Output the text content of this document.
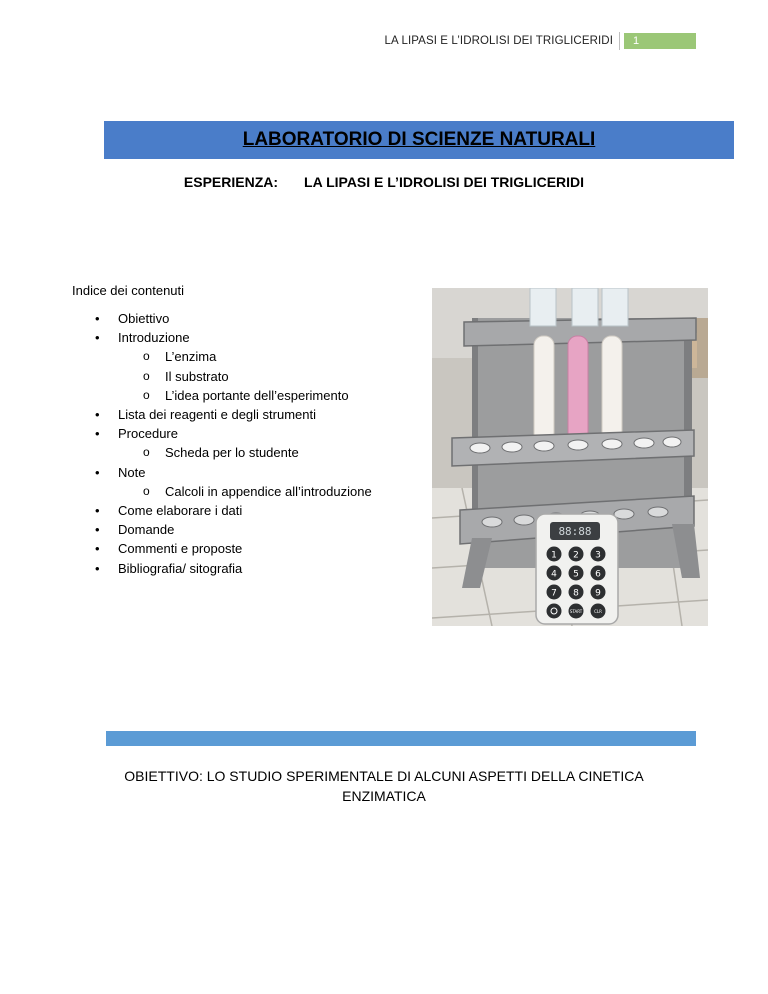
LA LIPASI E L’IDROLISI DEI TRIGLICERIDI	1
LABORATORIO DI SCIENZE NATURALI
ESPERIENZA: LA LIPASI E L’IDROLISI DEI TRIGLICERIDI
Indice dei contenuti
• Obiettivo
• Introduzione
o L’enzima
o Il substrato
o L’idea portante dell’esperimento
• Lista dei reagenti e degli strumenti
• Procedure
o Scheda per lo studente
• Note
o Calcoli in appendice all’introduzione
• Come elaborare i dati
• Domande
• Commenti e proposte
• Bibliografia/ sitografia
88:88
1 2 3
4 5 6
7 8 9
START	CLR
OBIETTIVO: LO STUDIO SPERIMENTALE DI ALCUNI ASPETTI DELLA CINETICA
ENZIMATICA
